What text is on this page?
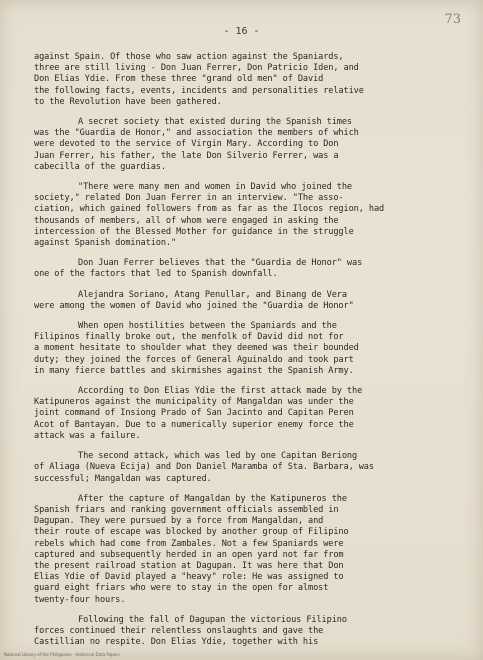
73
- 16 -
against Spain. Of those who saw action against the Spaniards,
three are still living - Don Juan Ferrer, Don Patricio Iden, and
Don Elias Ydie. From these three "grand old men" of David
the following facts, events, incidents and personalities relative
to the Revolution have been gathered.
A secret society that existed during the Spanish times
was the "Guardia de Honor," and association the members of which
were devoted to the service of Virgin Mary. According to Don
Juan Ferrer, his father, the late Don Silverio Ferrer, was a
cabecilla of the guardias.
"There were many men and women in David who joined the
society," related Don Juan Ferrer in an interview. "The asso-
ciation, which gained followers from as far as the Ilocos region, had
thousands of members, all of whom were engaged in asking the
intercession of the Blessed Mother for guidance in the struggle
against Spanish domination."
Don Juan Ferrer believes that the "Guardia de Honor" was
one of the factors that led to Spanish downfall.
Alejandra Soriano, Atang Penullar, and Binang de Vera
were among the women of David who joined the "Guardia de Honor"
When open hostilities between the Spaniards and the
Filipinos finally broke out, the menfolk of David did not for
a moment hesitate to shoulder what they deemed was their bounded
duty; they joined the forces of General Aguinaldo and took part
in many fierce battles and skirmishes against the Spanish Army.
According to Don Elias Ydie the first attack made by the
Katipuneros against the municipality of Mangaldan was under the
joint command of Insiong Prado of San Jacinto and Capitan Peren
Acot of Bantayan. Due to a numerically superior enemy force the
attack was a failure.
The second attack, which was led by one Capitan Beriong
of Aliaga (Nueva Ecija) and Don Daniel Maramba of Sta. Barbara, was
successful; Mangaldan was captured.
After the capture of Mangaldan by the Katipuneros the
Spanish friars and ranking government officials assembled in
Dagupan. They were pursued by a force from Mangaldan, and
their route of escape was blocked by another group of Filipino
rebels which had come from Zambales. Not a few Spaniards were
captured and subsequently herded in an open yard not far from
the present railroad station at Dagupan. It was here that Don
Elias Ydie of David played a "heavy" role: He was assigned to
guard eight friars who were to stay in the open for almost
twenty-four hours.
Following the fall of Dagupan the victorious Filipino
forces continued their relentless onslaughts and gave the
Castillian no respite. Don Elias Ydie, together with his
National Library of the Philippines · Historical Data Papers
